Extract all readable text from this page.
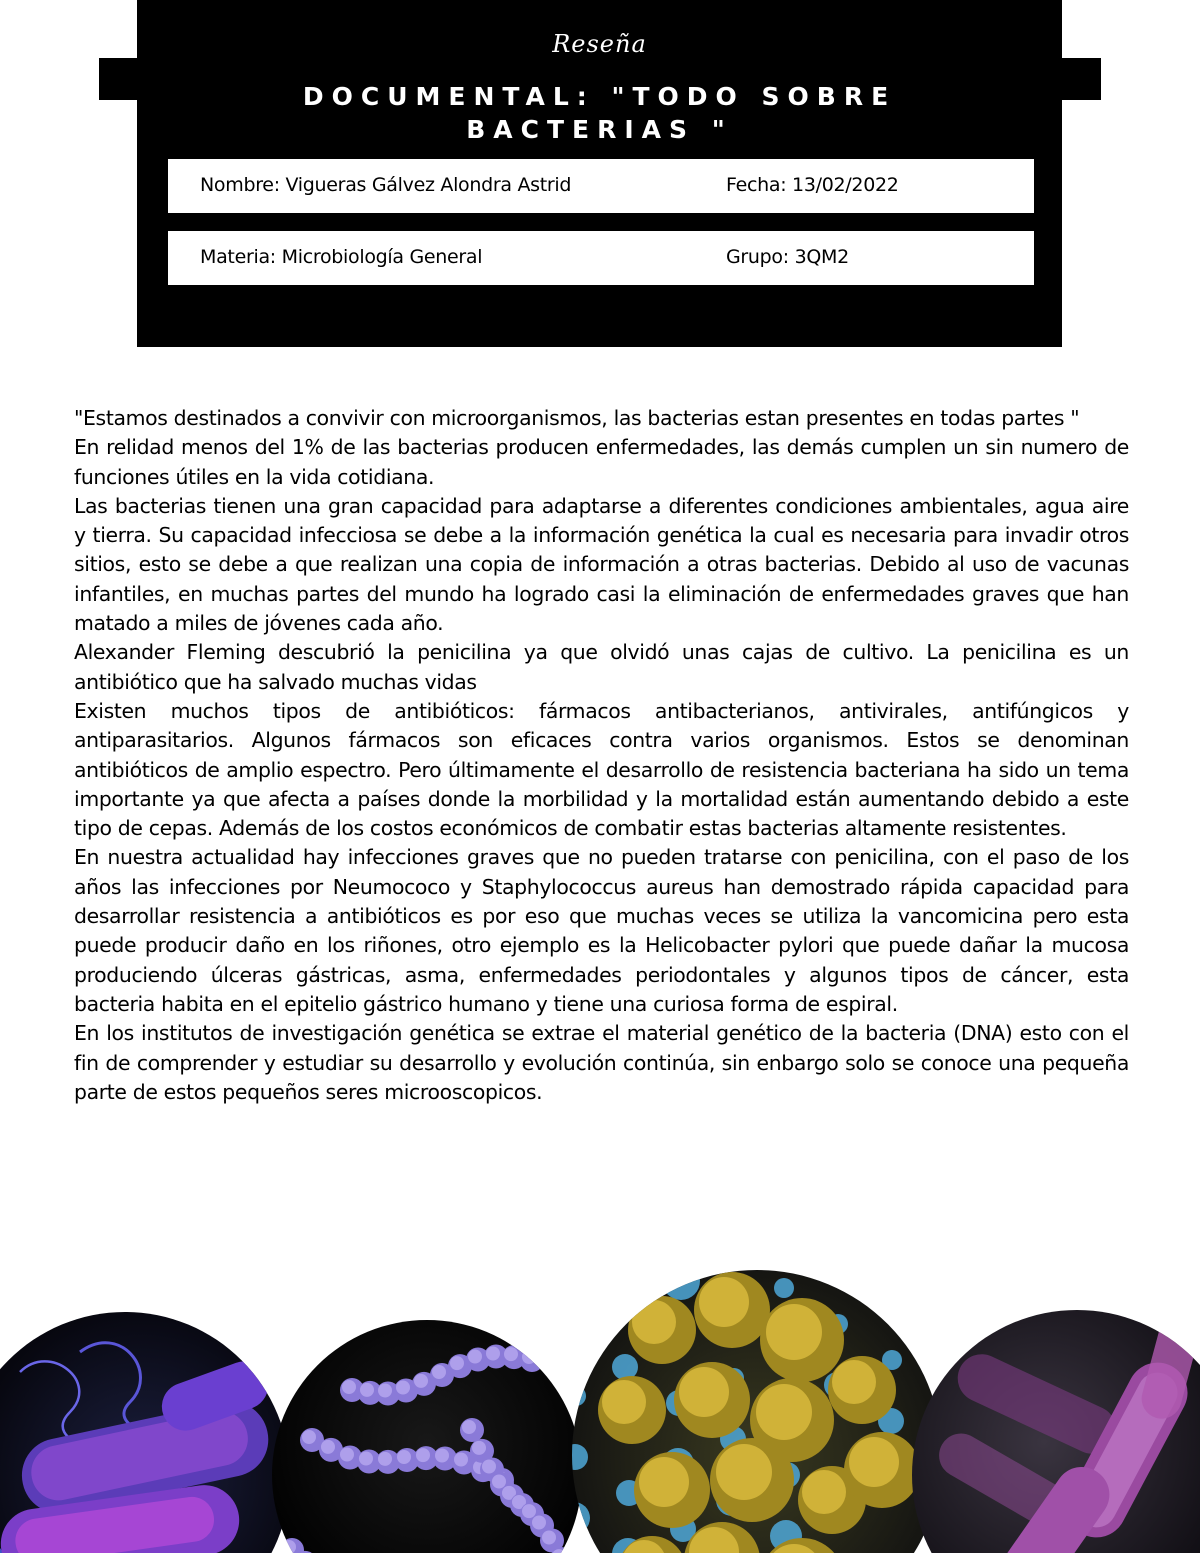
Reseña
DOCUMENTAL: "TODO SOBRE BACTERIAS "
Nombre: Vigueras Gálvez Alondra Astrid	Fecha: 13/02/2022
Materia: Microbiología General	Grupo: 3QM2

"Estamos destinados a convivir con microorganismos, las bacterias estan presentes en todas partes "

En relidad menos del 1% de las bacterias producen enfermedades, las demás cumplen un sin numero de funciones útiles en la vida cotidiana.

Las bacterias tienen una gran capacidad para adaptarse a diferentes condiciones ambientales, agua aire y tierra. Su capacidad infecciosa se debe a la información genética la cual es necesaria para invadir otros sitios, esto se debe a que realizan una copia de información a otras bacterias. Debido al uso de vacunas infantiles, en muchas partes del mundo ha logrado casi la eliminación de enfermedades graves que han matado a miles de jóvenes cada año.

Alexander Fleming descubrió la penicilina ya que olvidó unas cajas de cultivo. La penicilina es un antibiótico que ha salvado muchas vidas

Existen muchos tipos de antibióticos: fármacos antibacterianos, antivirales, antifúngicos y antiparasitarios. Algunos fármacos son eficaces contra varios organismos. Estos se denominan antibióticos de amplio espectro. Pero últimamente el desarrollo de resistencia bacteriana ha sido un tema importante ya que afecta a países donde la morbilidad y la mortalidad están aumentando debido a este tipo de cepas. Además de los costos económicos de combatir estas bacterias altamente resistentes.

En nuestra actualidad hay infecciones graves que no pueden tratarse con penicilina, con el paso de los años las infecciones por Neumococo y Staphylococcus aureus han demostrado rápida capacidad para desarrollar resistencia a antibióticos es por eso que muchas veces se utiliza la vancomicina pero esta puede producir daño en los riñones, otro ejemplo es la Helicobacter pylori que puede dañar la mucosa produciendo úlceras gástricas, asma, enfermedades periodontales y algunos tipos de cáncer, esta bacteria habita en el epitelio gástrico humano y tiene una curiosa forma de espiral.

En los institutos de investigación genética se extrae el material genético de la bacteria (DNA) esto con el fin de comprender y estudiar su desarrollo y evolución continúa, sin enbargo solo se conoce una pequeña parte de estos pequeños seres microoscopicos.
